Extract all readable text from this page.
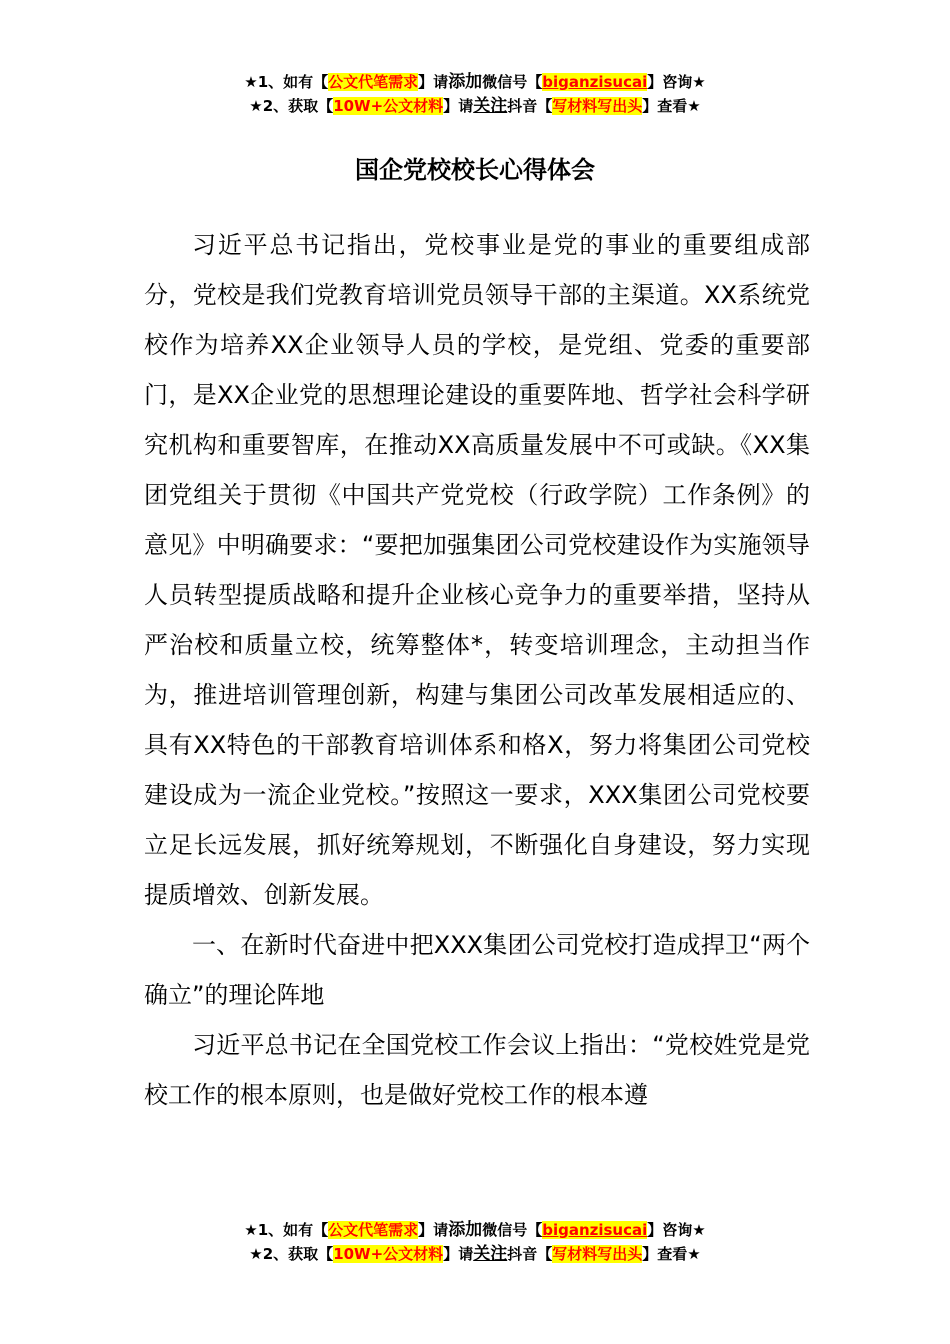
★1、如有【公文代笔需求】请添加微信号【biganzisucai】咨询★
★2、获取【10W+公文材料】请关注抖音【写材料写出头】查看★
国企党校校长心得体会

习近平总书记指出，党校事业是党的事业的重要组成部分，党校是我们党教育培训党员领导干部的主渠道。XX系统党校作为培养XX企业领导人员的学校，是党组、党委的重要部门，是XX企业党的思想理论建设的重要阵地、哲学社会科学研究机构和重要智库，在推动XX高质量发展中不可或缺。《XX集团党组关于贯彻《中国共产党党校（行政学院）工作条例》的意见》中明确要求：“要把加强集团公司党校建设作为实施领导人员转型提质战略和提升企业核心竞争力的重要举措，坚持从严治校和质量立校，统筹整体*，转变培训理念，主动担当作为，推进培训管理创新，构建与集团公司改革发展相适应的、具有XX特色的干部教育培训体系和格X，努力将集团公司党校建设成为一流企业党校。”按照这一要求，XXX集团公司党校要立足长远发展，抓好统筹规划，不断强化自身建设，努力实现提质增效、创新发展。

一、在新时代奋进中把XXX集团公司党校打造成捍卫“两个确立”的理论阵地

习近平总书记在全国党校工作会议上指出：“党校姓党是党校工作的根本原则，也是做好党校工作的根本遵

★1、如有【公文代笔需求】请添加微信号【biganzisucai】咨询★
★2、获取【10W+公文材料】请关注抖音【写材料写出头】查看★
